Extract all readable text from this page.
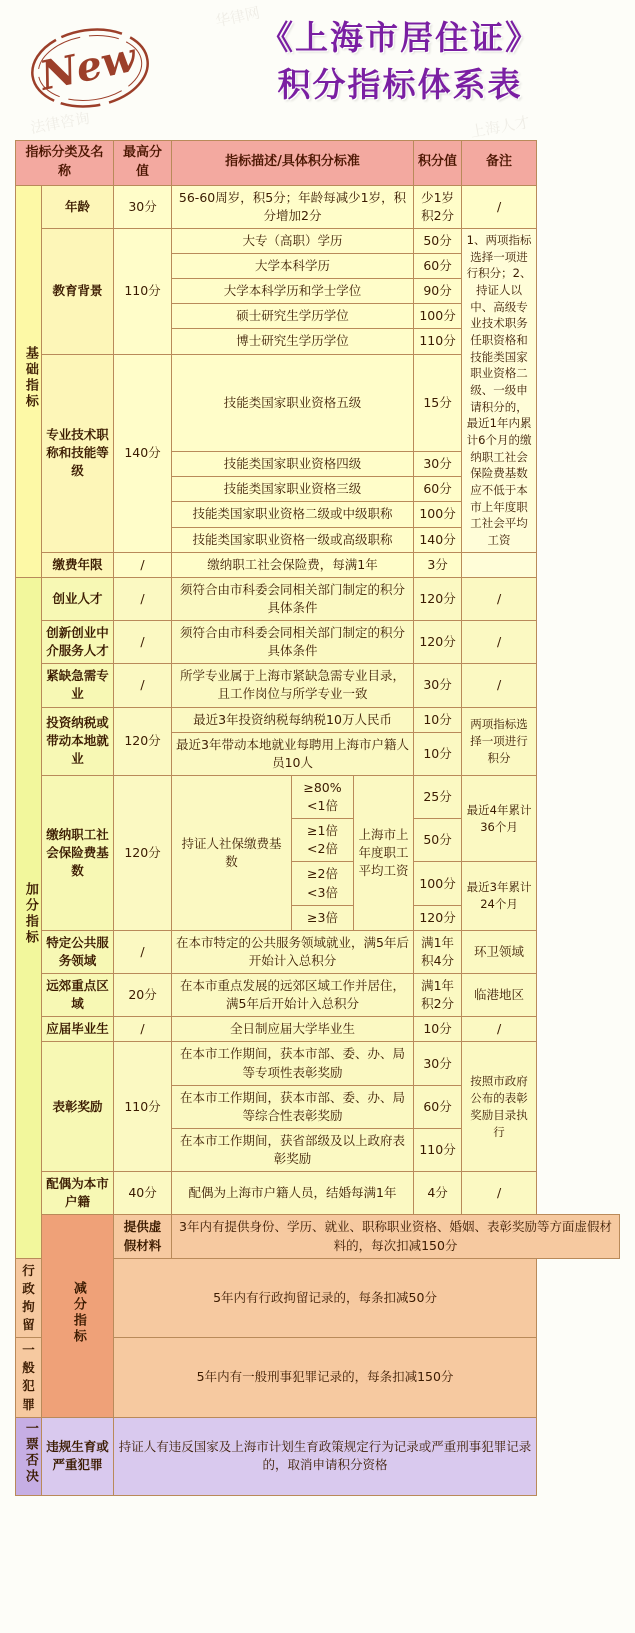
New	《上海市居住证》
积分指标体系表
华律网
法律咨询	上海人才
指标分类及名称		最高分值	指标描述/具体积分标准			积分值	备注
基础指标	年龄	30分	56-60周岁，积5分；年龄每减少1岁，积分增加2分			少1岁积2分	/
	教育背景	110分	大专（高职）学历			50分	1、两项指标选择一项进行积分；2、持证人以中、高级专业技术职务任职资格和技能类国家职业资格二级、一级申请积分的，最近1年内累计6个月的缴纳职工社会保险费基数应不低于本市上年度职工社会平均工资
			大学本科学历			60分	
			大学本科学历和学士学位			90分	
			硕士研究生学历学位			100分	
			博士研究生学历学位			110分	
	专业技术职称和技能等级	140分	技能类国家职业资格五级			15分	
			技能类国家职业资格四级			30分	
			技能类国家职业资格三级			60分	
			技能类国家职业资格二级或中级职称			100分	
			技能类国家职业资格一级或高级职称			140分	
	缴费年限	/	缴纳职工社会保险费，每满1年			3分	
加分指标	创业人才	/	须符合由市科委会同相关部门制定的积分具体条件			120分	/
	创新创业中介服务人才	/	须符合由市科委会同相关部门制定的积分具体条件			120分	/
	紧缺急需专业	/	所学专业属于上海市紧缺急需专业目录，且工作岗位与所学专业一致			30分	/
	投资纳税或带动本地就业	120分	最近3年投资纳税每纳税10万人民币			10分	两项指标选择一项进行积分
			最近3年带动本地就业每聘用上海市户籍人员10人			10分	
	缴纳职工社会保险费基数	120分	持证人社保缴费基数	≥80% <1倍	上海市上年度职工平均工资	25分	最近4年累计36个月
				≥1倍 <2倍		50分	
				≥2倍 <3倍		100分	最近3年累计24个月
				≥3倍		120分	
	特定公共服务领域	/	在本市特定的公共服务领域就业，满5年后开始计入总积分			满1年积4分	环卫领域
	远郊重点区域	20分	在本市重点发展的远郊区域工作并居住，满5年后开始计入总积分			满1年积2分	临港地区
	应届毕业生	/	全日制应届大学毕业生			10分	/
	表彰奖励	110分	在本市工作期间，获本市部、委、办、局等专项性表彰奖励			30分	按照市政府公布的表彰奖励目录执行
			在本市工作期间，获本市部、委、办、局等综合性表彰奖励			60分	
			在本市工作期间，获省部级及以上政府表彰奖励			110分	
	配偶为本市户籍	40分	配偶为上海市户籍人员，结婚每满1年			4分	/
	减分指标	提供虚假材料	3年内有提供身份、学历、就业、职称职业资格、婚姻、表彰奖励等方面虚假材料的，每次扣减150分				
行政拘留		5年内有行政拘留记录的，每条扣减50分					
一般犯罪		5年内有一般刑事犯罪记录的，每条扣减150分					
一票否决	违规生育或严重犯罪	持证人有违反国家及上海市计划生育政策规定行为记录或严重刑事犯罪记录的，取消申请积分资格					
